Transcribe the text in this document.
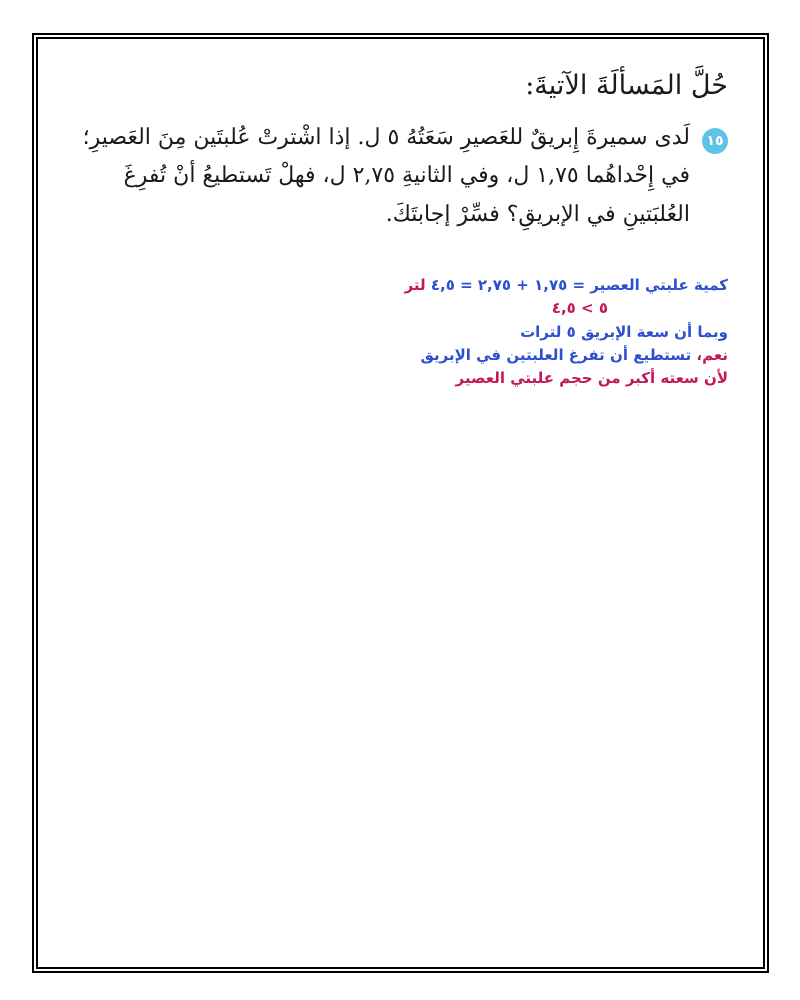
حُلَّ المَسألَةَ الآتيةَ:
١٥
لَدى سميرةَ إِبريقٌ للعَصيرِ سَعَتُهُ ٥ ل. إذا اشْترتْ عُلبتَين مِنَ العَصيرِ؛ في إِحْداهُما ١,٧٥ ل، وفي الثانيةِ ٢,٧٥ ل، فهلْ تَستطيعُ أنْ تُفرِغَ العُلبَتينِ في الإبريقِ؟ فسِّرْ إجابتَكَ.
كمية علبتي العصير = ١,٧٥ + ٢,٧٥ = ٤,٥ لتر
٥ > ٤,٥
وبما أن سعة الإبريق ٥ لترات
نعم، تستطيع أن تفرغ العلبتين في الإبريق
لأن سعته أكبر من حجم علبتي العصير
